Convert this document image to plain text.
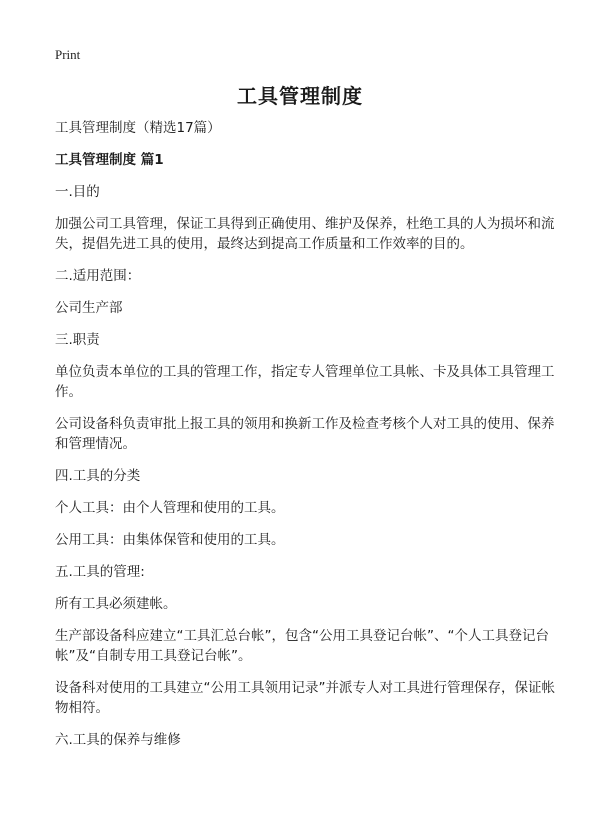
Print
工具管理制度

工具管理制度（精选17篇）

工具管理制度 篇1

一.目的

加强公司工具管理，保证工具得到正确使用、维护及保养，杜绝工具的人为损坏和流失，提倡先进工具的使用，最终达到提高工作质量和工作效率的目的。

二.适用范围：

公司生产部

三.职责

单位负责本单位的工具的管理工作，指定专人管理单位工具帐、卡及具体工具管理工作。

公司设备科负责审批上报工具的领用和换新工作及检查考核个人对工具的使用、保养和管理情况。

四.工具的分类

个人工具：由个人管理和使用的工具。

公用工具：由集体保管和使用的工具。

五.工具的管理:

所有工具必须建帐。

生产部设备科应建立“工具汇总台帐”，包含“公用工具登记台帐”、“个人工具登记台帐”及“自制专用工具登记台帐”。

设备科对使用的工具建立“公用工具领用记录”并派专人对工具进行管理保存，保证帐物相符。

六.工具的保养与维修
